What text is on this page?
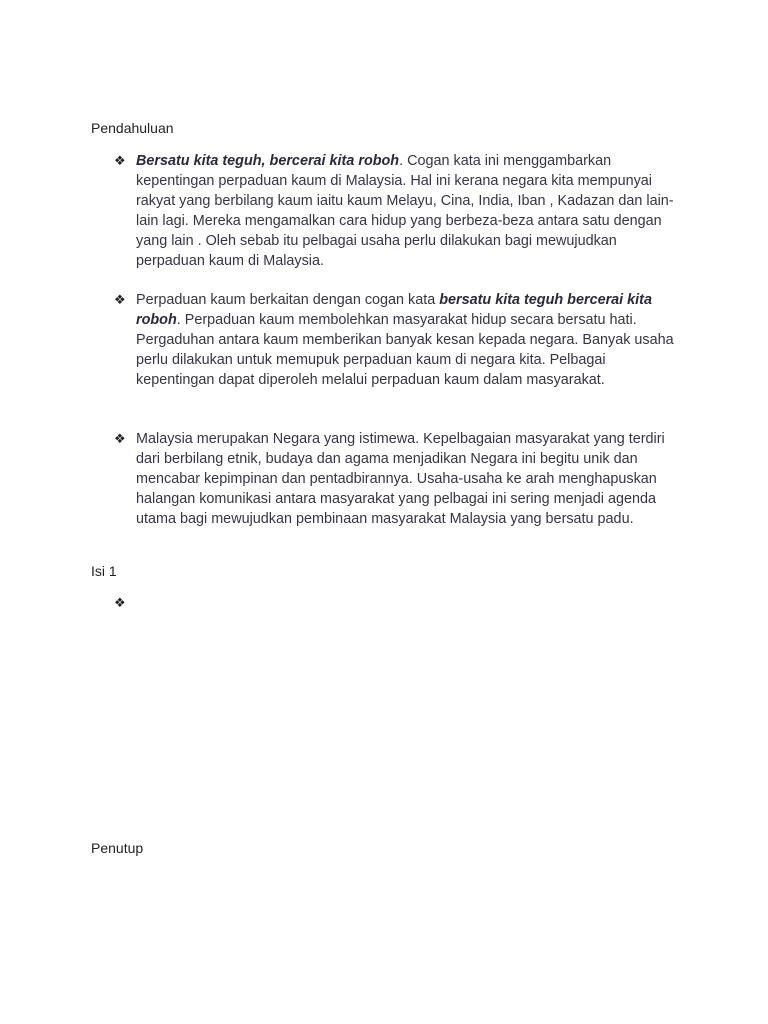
Pendahuluan

❖ Bersatu kita teguh, bercerai kita roboh. Cogan kata ini menggambarkan kepentingan perpaduan kaum di Malaysia. Hal ini kerana negara kita mempunyai rakyat yang berbilang kaum iaitu kaum Melayu, Cina, India, Iban , Kadazan dan lain-lain lagi. Mereka mengamalkan cara hidup yang berbeza-beza antara satu dengan yang lain . Oleh sebab itu pelbagai usaha perlu dilakukan bagi mewujudkan perpaduan kaum di Malaysia.
❖ Perpaduan kaum berkaitan dengan cogan kata bersatu kita teguh bercerai kita roboh. Perpaduan kaum membolehkan masyarakat hidup secara bersatu hati. Pergaduhan antara kaum memberikan banyak kesan kepada negara. Banyak usaha perlu dilakukan untuk memupuk perpaduan kaum di negara kita. Pelbagai kepentingan dapat diperoleh melalui perpaduan kaum dalam masyarakat.
❖ Malaysia merupakan Negara yang istimewa. Kepelbagaian masyarakat yang terdiri dari berbilang etnik, budaya dan agama menjadikan Negara ini begitu unik dan mencabar kepimpinan dan pentadbirannya. Usaha-usaha ke arah menghapuskan halangan komunikasi antara masyarakat yang pelbagai ini sering menjadi agenda utama bagi mewujudkan pembinaan masyarakat Malaysia yang bersatu padu.

Isi 1

❖

Penutup
